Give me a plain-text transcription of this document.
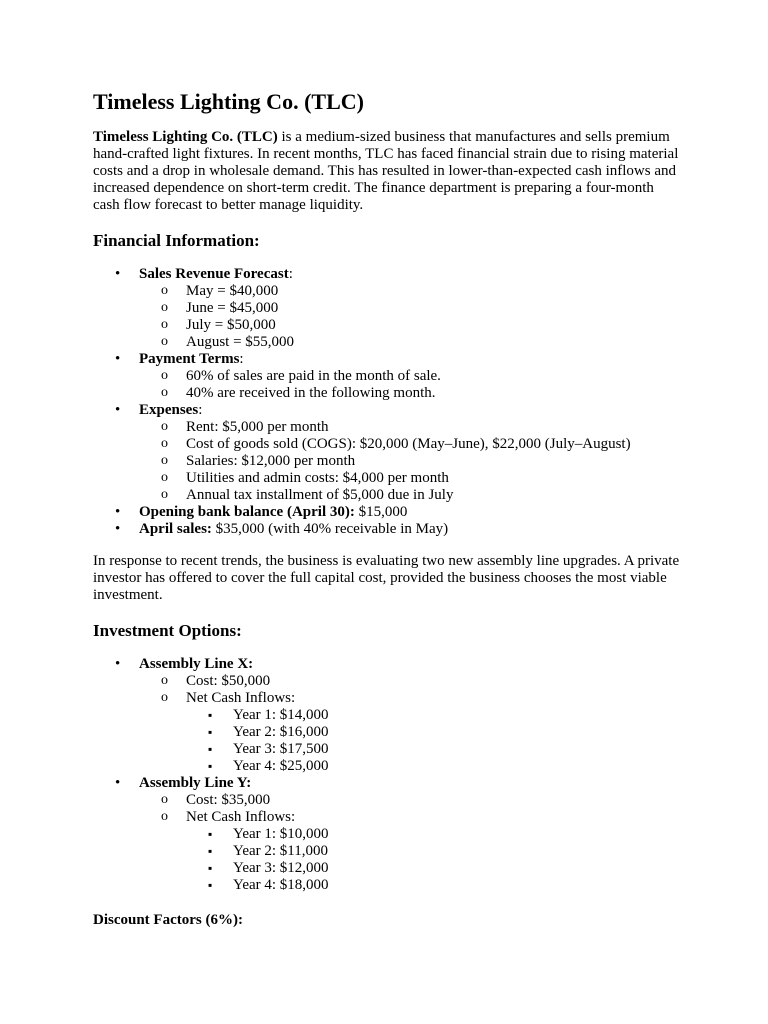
Timeless Lighting Co. (TLC)

Timeless Lighting Co. (TLC) is a medium-sized business that manufactures and sells premium hand-crafted light fixtures. In recent months, TLC has faced financial strain due to rising material costs and a drop in wholesale demand. This has resulted in lower-than-expected cash inflows and increased dependence on short-term credit. The finance department is preparing a four-month cash flow forecast to better manage liquidity.

Financial Information:
• Sales Revenue Forecast:
o May = $40,000
o June = $45,000
o July = $50,000
o August = $55,000
• Payment Terms:
o 60% of sales are paid in the month of sale.
o 40% are received in the following month.
• Expenses:
o Rent: $5,000 per month
o Cost of goods sold (COGS): $20,000 (May–June), $22,000 (July–August)
o Salaries: $12,000 per month
o Utilities and admin costs: $4,000 per month
o Annual tax installment of $5,000 due in July
• Opening bank balance (April 30): $15,000
• April sales: $35,000 (with 40% receivable in May)

In response to recent trends, the business is evaluating two new assembly line upgrades. A private investor has offered to cover the full capital cost, provided the business chooses the most viable investment.

Investment Options:
• Assembly Line X:
o Cost: $50,000
o Net Cash Inflows:
▪ Year 1: $14,000
▪ Year 2: $16,000
▪ Year 3: $17,500
▪ Year 4: $25,000
• Assembly Line Y:
o Cost: $35,000
o Net Cash Inflows:
▪ Year 1: $10,000
▪ Year 2: $11,000
▪ Year 3: $12,000
▪ Year 4: $18,000

Discount Factors (6%):
